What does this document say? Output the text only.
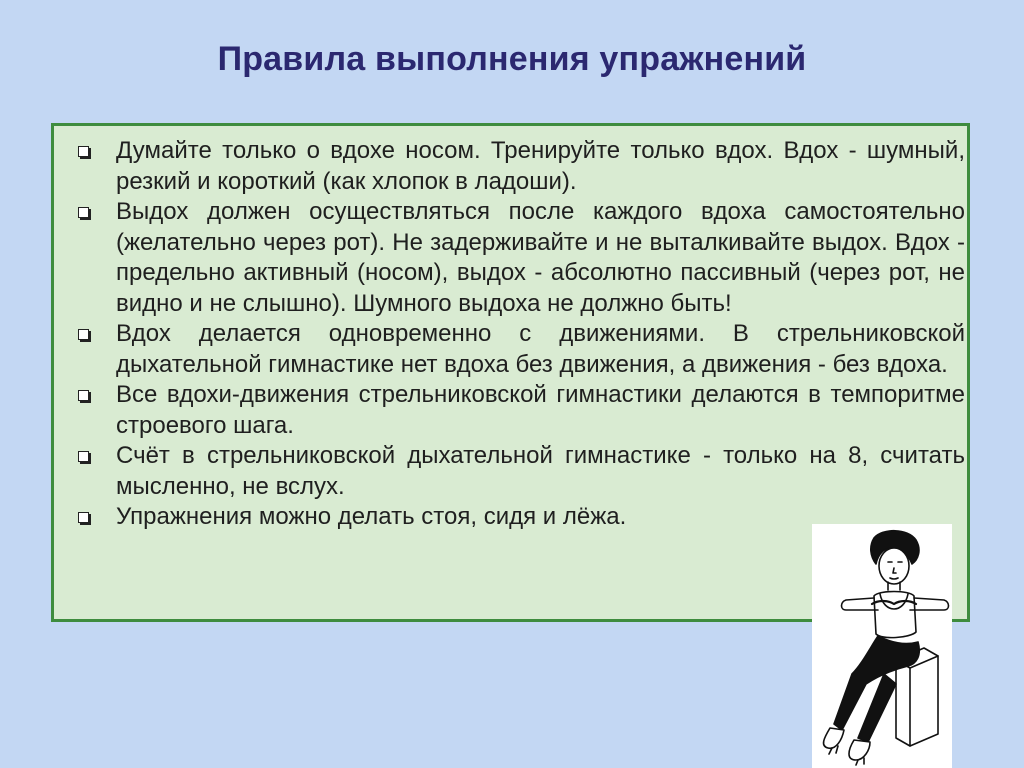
Правила выполнения упражнений
Думайте только о вдохе носом. Тренируйте только вдох. Вдох - шумный, резкий и короткий (как хлопок в ладоши).
Выдох должен осуществляться после каждого вдоха самостоятельно (желательно через рот). Не задерживайте и не выталкивайте выдох. Вдох - предельно активный (носом), выдох - абсолютно пассивный (через рот, не видно и не слышно). Шумного выдоха не должно быть!
Вдох делается одновременно с движениями. В стрельниковской дыхательной гимнастике нет вдоха без движения, а движения - без вдоха.
Все вдохи-движения стрельниковской гимнастики делаются в темпоритме строевого шага.
Счёт в стрельниковской дыхательной гимнастике - только на 8, считать мысленно, не вслух.
Упражнения можно делать стоя, сидя и лёжа.
